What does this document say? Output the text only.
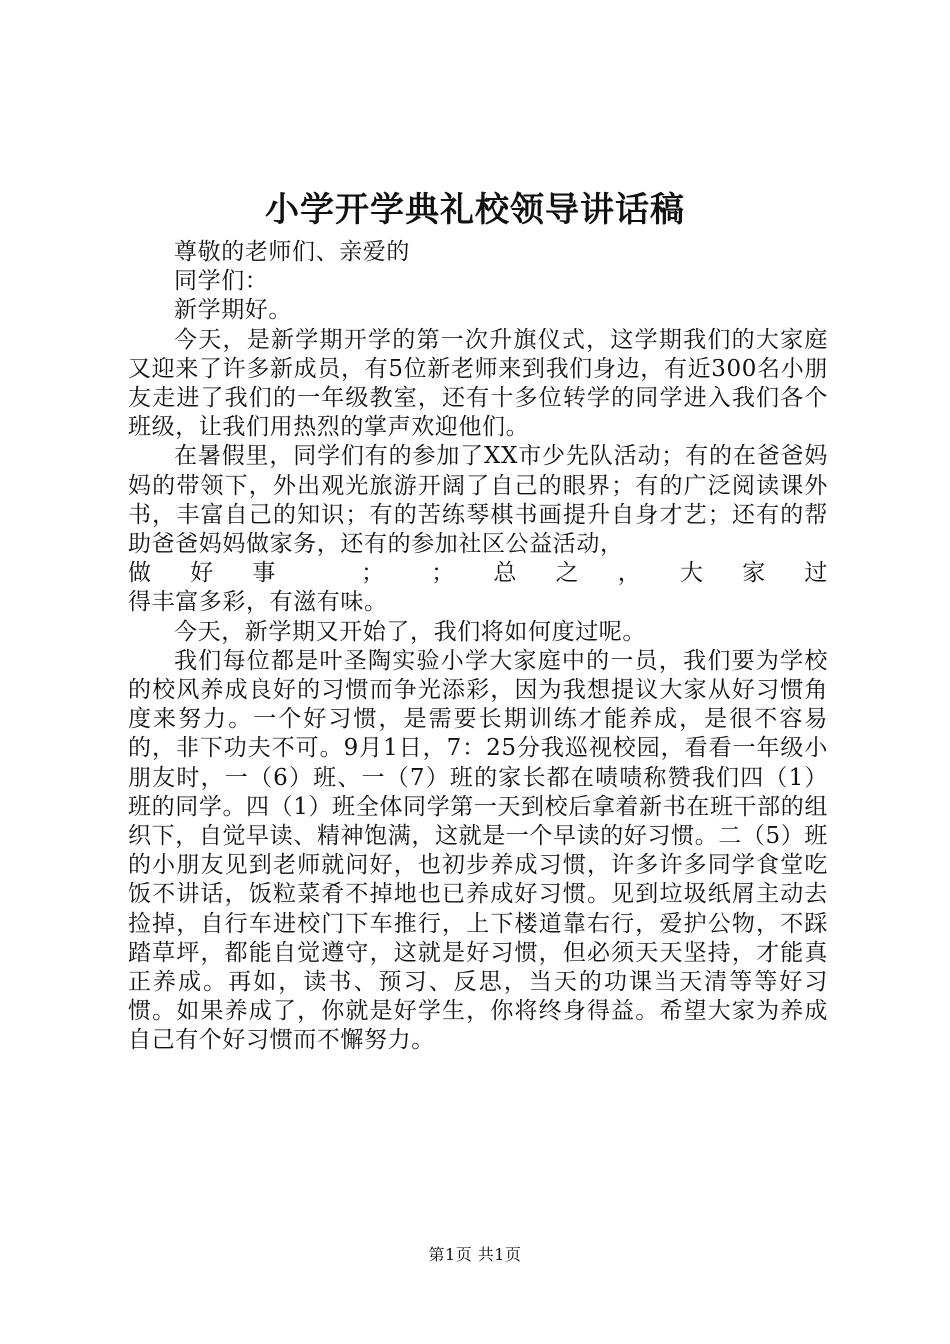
小学开学典礼校领导讲话稿

尊敬的老师们、亲爱的

同学们：

新学期好。

今天，是新学期开学的第一次升旗仪式，这学期我们的大家庭又迎来了许多新成员，有5位新老师来到我们身边，有近300名小朋友走进了我们的一年级教室，还有十多位转学的同学进入我们各个班级，让我们用热烈的掌声欢迎他们。

在暑假里，同学们有的参加了XX市少先队活动；有的在爸爸妈妈的带领下，外出观光旅游开阔了自己的眼界；有的广泛阅读课外书，丰富自己的知识；有的苦练琴棋书画提升自身才艺；还有的帮助爸爸妈妈做家务，还有的参加社区公益活动，

做好事 ； ；总之，大家过

得丰富多彩，有滋有味。

今天，新学期又开始了，我们将如何度过呢。

我们每位都是叶圣陶实验小学大家庭中的一员，我们要为学校的校风养成良好的习惯而争光添彩，因为我想提议大家从好习惯角度来努力。一个好习惯，是需要长期训练才能养成，是很不容易的，非下功夫不可。9月1日，7：25分我巡视校园，看看一年级小朋友时，一（6）班、一（7）班的家长都在啧啧称赞我们四（1）班的同学。四（1）班全体同学第一天到校后拿着新书在班干部的组织下，自觉早读、精神饱满，这就是一个早读的好习惯。二（5）班的小朋友见到老师就问好，也初步养成习惯，许多许多同学食堂吃饭不讲话，饭粒菜肴不掉地也已养成好习惯。见到垃圾纸屑主动去捡掉，自行车进校门下车推行，上下楼道靠右行，爱护公物，不踩踏草坪，都能自觉遵守，这就是好习惯，但必须天天坚持，才能真正养成。再如，读书、预习、反思，当天的功课当天清等等好习惯。如果养成了，你就是好学生，你将终身得益。希望大家为养成自己有个好习惯而不懈努力。

第1页 共1页
